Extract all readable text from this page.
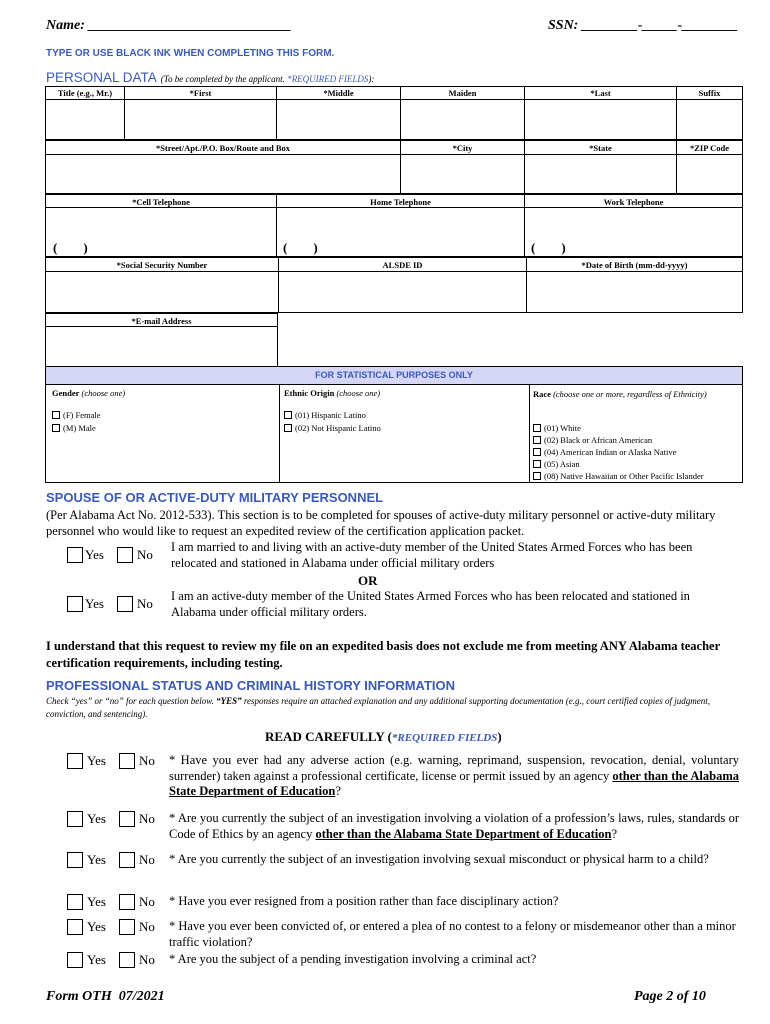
Name: _____________________________	SSN: ________-_____-________
TYPE OR USE BLACK INK WHEN COMPLETING THIS FORM.
PERSONAL DATA (To be completed by the applicant. *REQUIRED FIELDS):
Title (e.g., Mr.)	*First	*Middle	Maiden	*Last	Suffix
*Street/Apt./P.O. Box/Route and Box	*City	*State	*ZIP Code
*Cell Telephone	Home Telephone	Work Telephone
(        )	(        )	(        )
*Social Security Number	ALSDE ID	*Date of Birth (mm-dd-yyyy)
*E-mail Address
FOR STATISTICAL PURPOSES ONLY
Gender (choose one)
(F) Female
(M) Male
Ethnic Origin (choose one)
(01) Hispanic Latino
(02) Not Hispanic Latino
Race (choose one or more, regardless of Ethnicity)
(01) White
(02) Black or African American
(04) American Indian or Alaska Native
(05) Asian
(08) Native Hawaiian or Other Pacific Islander
SPOUSE OF OR ACTIVE-DUTY MILITARY PERSONNEL
(Per Alabama Act No. 2012-533). This section is to be completed for spouses of active-duty military personnel or active-duty military personnel who would like to request an expedited review of the certification application packet.
Yes	No I am married to and living with an active-duty member of the United States Armed Forces who has been relocated and stationed in Alabama under official military orders
OR
Yes	No I am an active-duty member of the United States Armed Forces who has been relocated and stationed in Alabama under official military orders.
I understand that this request to review my file on an expedited basis does not exclude me from meeting ANY Alabama teacher certification requirements, including testing.
PROFESSIONAL STATUS AND CRIMINAL HISTORY INFORMATION
Check “yes” or “no” for each question below. “YES” responses require an attached explanation and any additional supporting documentation (e.g., court certified copies of judgment, conviction, and sentencing).
READ CAREFULLY (*REQUIRED FIELDS)
Yes	No * Have you ever had any adverse action (e.g. warning, reprimand, suspension, revocation, denial, voluntary surrender) taken against a professional certificate, license or permit issued by an agency other than the Alabama State Department of Education?
Yes	No * Are you currently the subject of an investigation involving a violation of a profession’s laws, rules, standards or Code of Ethics by an agency other than the Alabama State Department of Education?
Yes	No * Are you currently the subject of an investigation involving sexual misconduct or physical harm to a child?
Yes	No * Have you ever resigned from a position rather than face disciplinary action?
Yes	No * Have you ever been convicted of, or entered a plea of no contest to a felony or misdemeanor other than a minor traffic violation?
Yes	No * Are you the subject of a pending investigation involving a criminal act?
Form OTH  07/2021	Page 2 of 10
